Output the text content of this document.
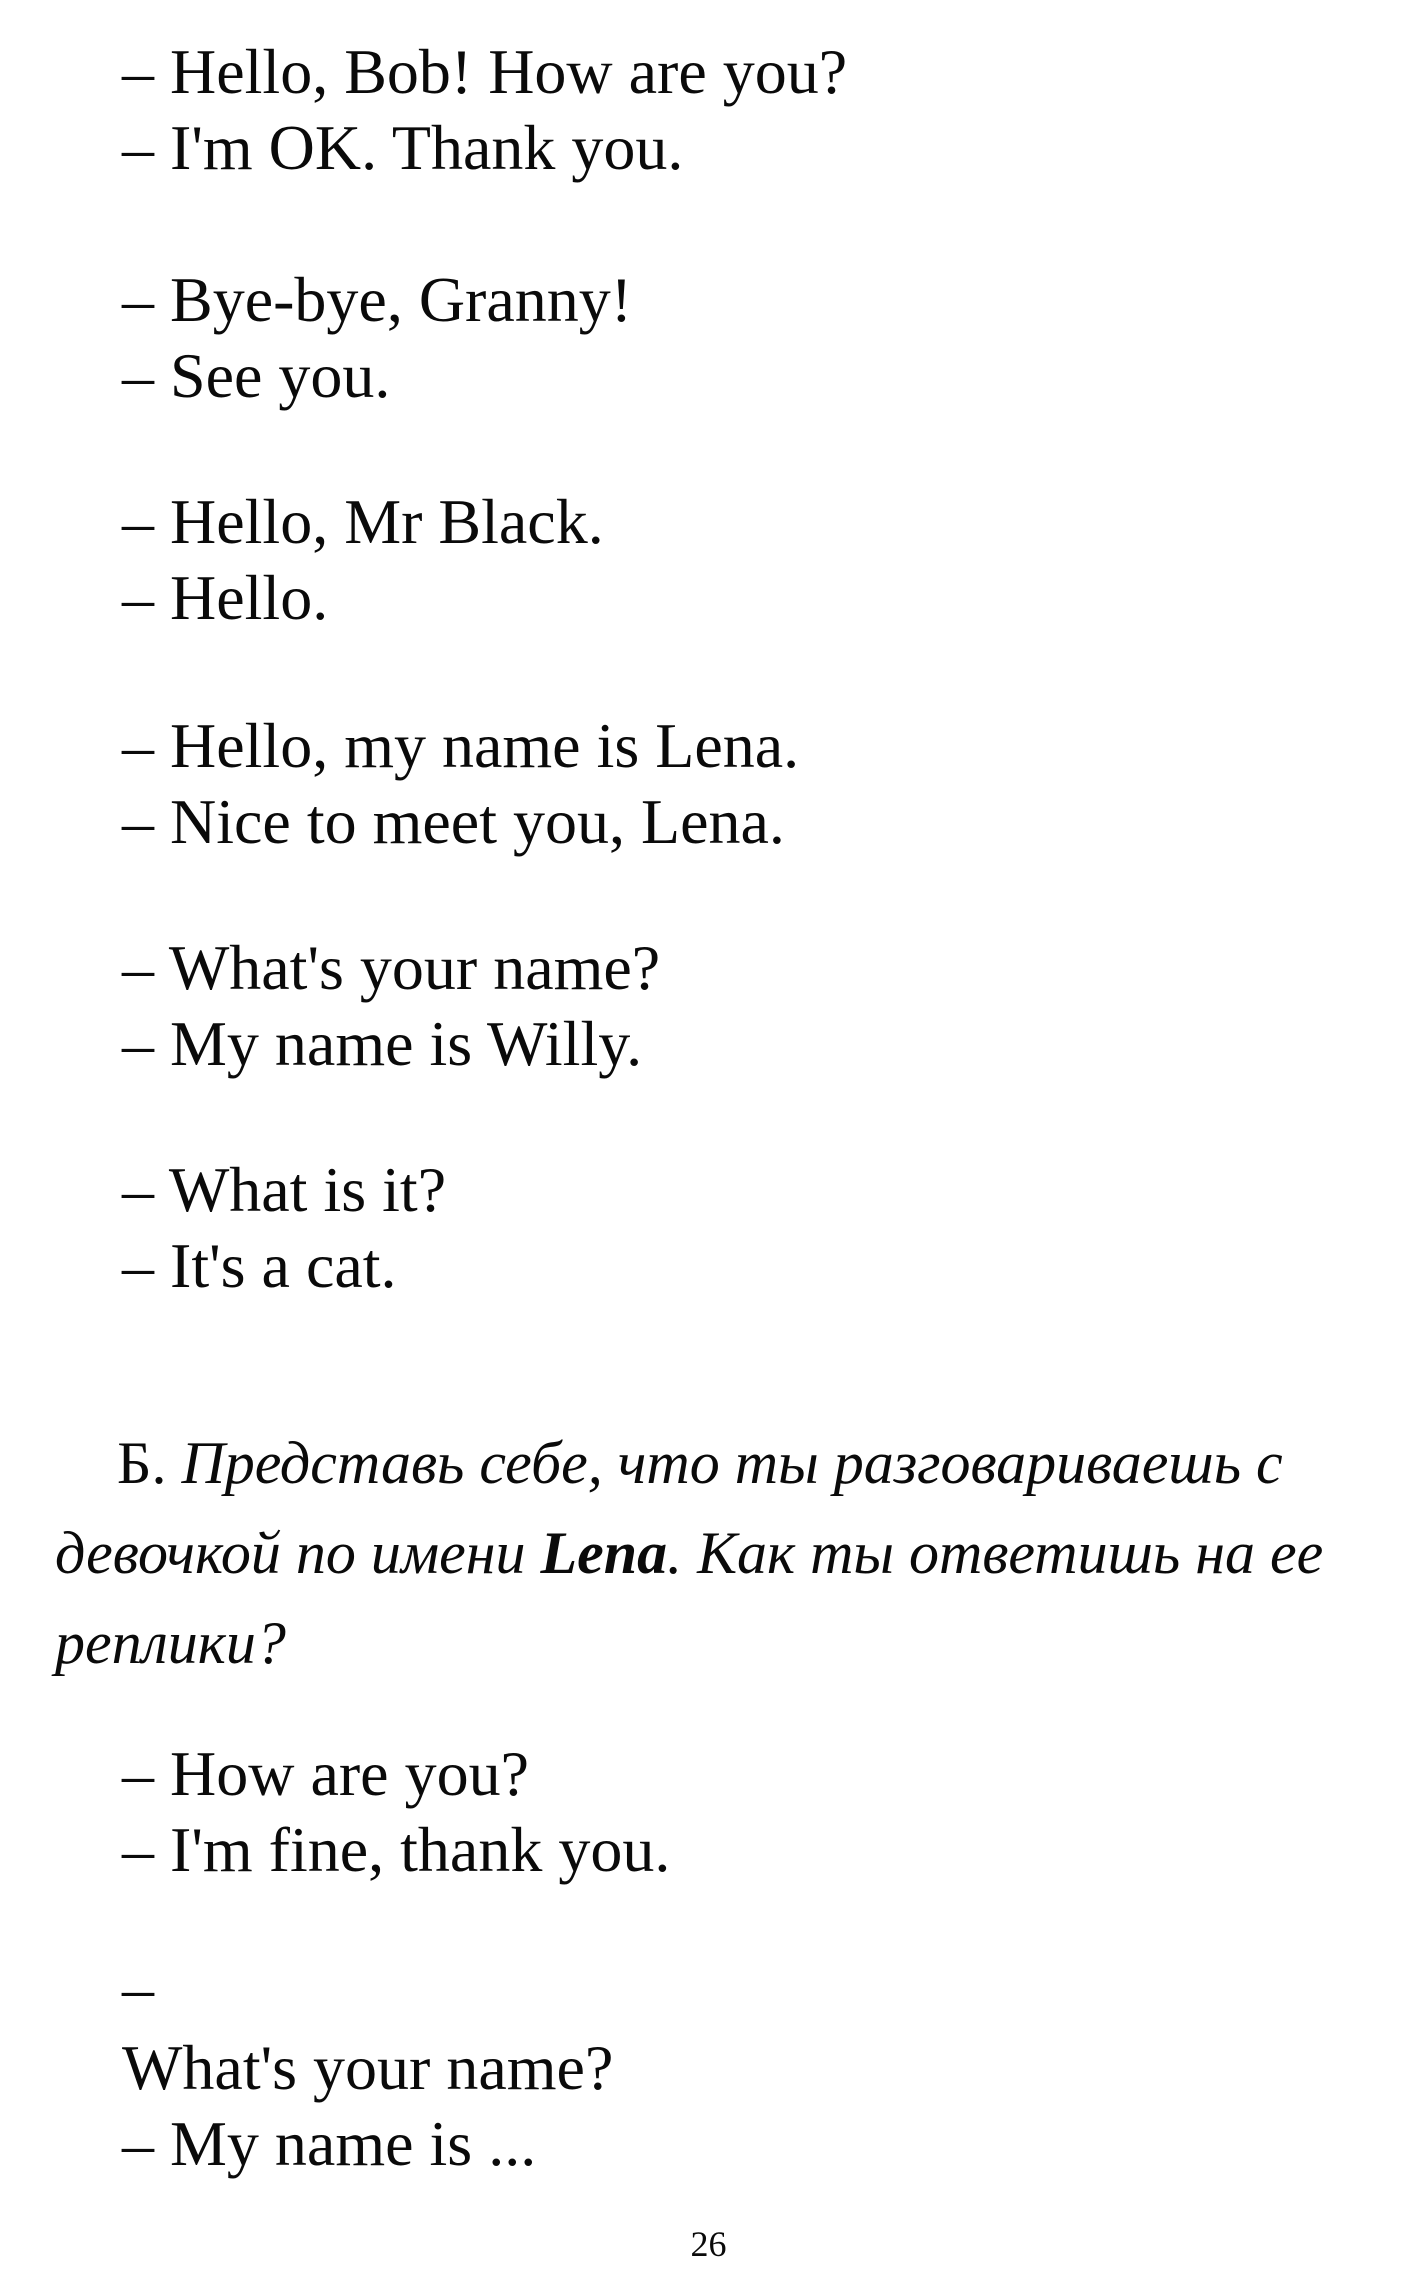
– Hello, Bob! How are you?
– I'm OK. Thank you.
– Bye-bye, Granny!
– See you.
– Hello, Mr Black.
– Hello.
– Hello, my name is Lena.
– Nice to meet you, Lena.
– What's your name?
– My name is Willy.
– What is it?
– It's a cat.
Б. Представь себе, что ты разговариваешь с девочкой по имени Lena. Как ты ответишь на ее реплики?
– How are you?
– I'm fine, thank you.
–
What's your name?
– My name is ...
26
